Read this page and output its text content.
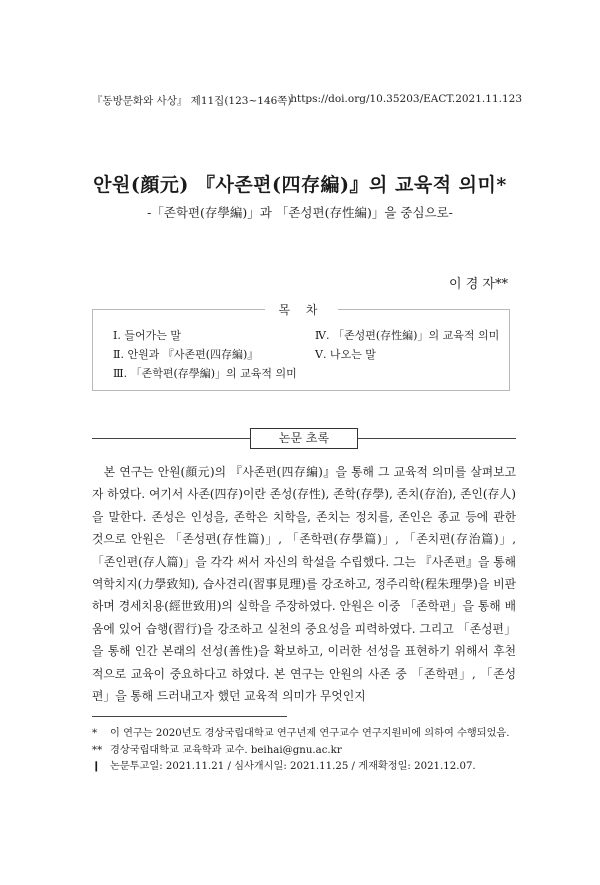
『동방문화와 사상』 제11집(123~146쪽)
https://doi.org/10.35203/EACT.2021.11.123
안원(顔元) 『사존편(四存編)』의 교육적 의미*
-「존학편(存學編)」과 「존성편(存性編)」을 중심으로-
이 경 자**
목 차
Ⅰ. 들어가는 말
Ⅱ. 안원과 『사존편(四存編)』
Ⅲ. 「존학편(存學編)」의 교육적 의미
Ⅳ. 「존성편(存性編)」의 교육적 의미
Ⅴ. 나오는 말
논문 초록

본 연구는 안원(顔元)의 『사존편(四存編)』을 통해 그 교육적 의미를 살펴보고자 하였다. 여기서 사존(四存)이란 존성(存性), 존학(存學), 존치(存治), 존인(存人)을 말한다. 존성은 인성을, 존학은 치학을, 존치는 정치를, 존인은 종교 등에 관한 것으로 안원은 「존성편(存性篇)」, 「존학편(存學篇)」, 「존치편(存治篇)」, 「존인편(存人篇)」을 각각 써서 자신의 학설을 수립했다. 그는 『사존편』을 통해 역학치지(力學致知), 습사견리(習事見理)를 강조하고, 정주리학(程朱理學)을 비판하며 경세치용(經世致用)의 실학을 주장하였다. 안원은 이중 「존학편」을 통해 배움에 있어 습행(習行)을 강조하고 실천의 중요성을 피력하였다. 그리고 「존성편」을 통해 인간 본래의 선성(善性)을 확보하고, 이러한 선성을 표현하기 위해서 후천적으로 교육이 중요하다고 하였다. 본 연구는 안원의 사존 중 「존학편」, 「존성편」을 통해 드러내고자 했던 교육적 의미가 무엇인지

*	이 연구는 2020년도 경상국립대학교 연구년제 연구교수 연구지원비에 의하여 수행되었음.
** 경상국립대학교 교육학과 교수. beihai@gnu.ac.kr
❙ 논문투고일: 2021.11.21 / 심사개시일: 2021.11.25 / 게재확정일: 2021.12.07.
